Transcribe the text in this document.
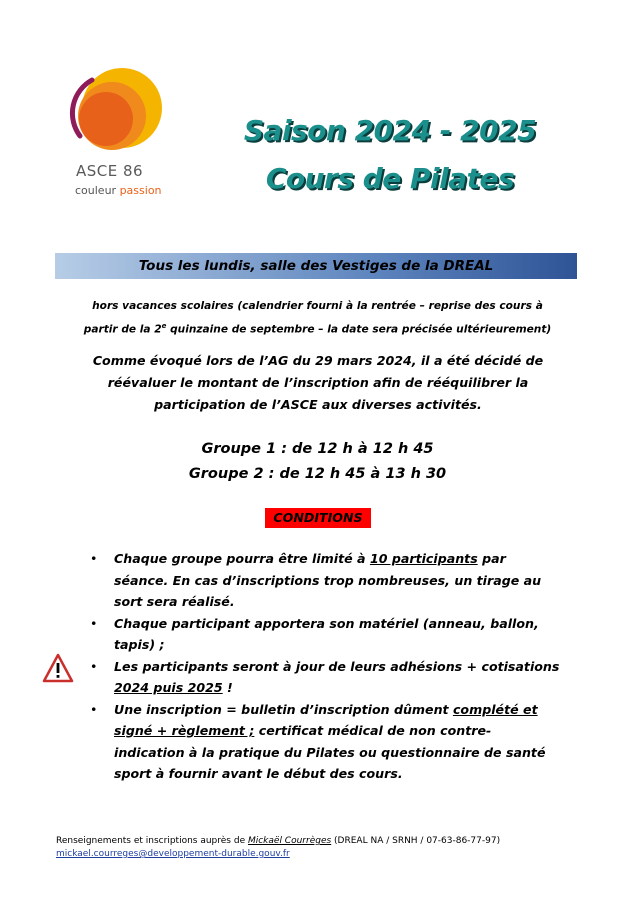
ASCE 86
couleur passion
Saison 2024 - 2025
Cours de Pilates
Tous les lundis, salle des Vestiges de la DREAL
hors vacances scolaires (calendrier fourni à la rentrée – reprise des cours à
partir de la 2e quinzaine de septembre – la date sera précisée ultérieurement)
Comme évoqué lors de l’AG du 29 mars 2024, il a été décidé de
réévaluer le montant de l’inscription afin de rééquilibrer la
participation de l’ASCE aux diverses activités.
Groupe 1 : de 12 h à 12 h 45
Groupe 2 : de 12 h 45 à 13 h 30
CONDITIONS
• Chaque groupe pourra être limité à 10 participants par séance. En cas d’inscriptions trop nombreuses, un tirage au sort sera réalisé.
• Chaque participant apportera son matériel (anneau, ballon, tapis) ;
• Les participants seront à jour de leurs adhésions + cotisations 2024 puis 2025 !
• Une inscription = bulletin d’inscription dûment complété et signé + règlement ; certificat médical de non contre-indication à la pratique du Pilates ou questionnaire de santé sport à fournir avant le début des cours.
Renseignements et inscriptions auprès de Mickaël Courrèges (DREAL NA / SRNH / 07-63-86-77-97)
mickael.courreges@developpement-durable.gouv.fr
